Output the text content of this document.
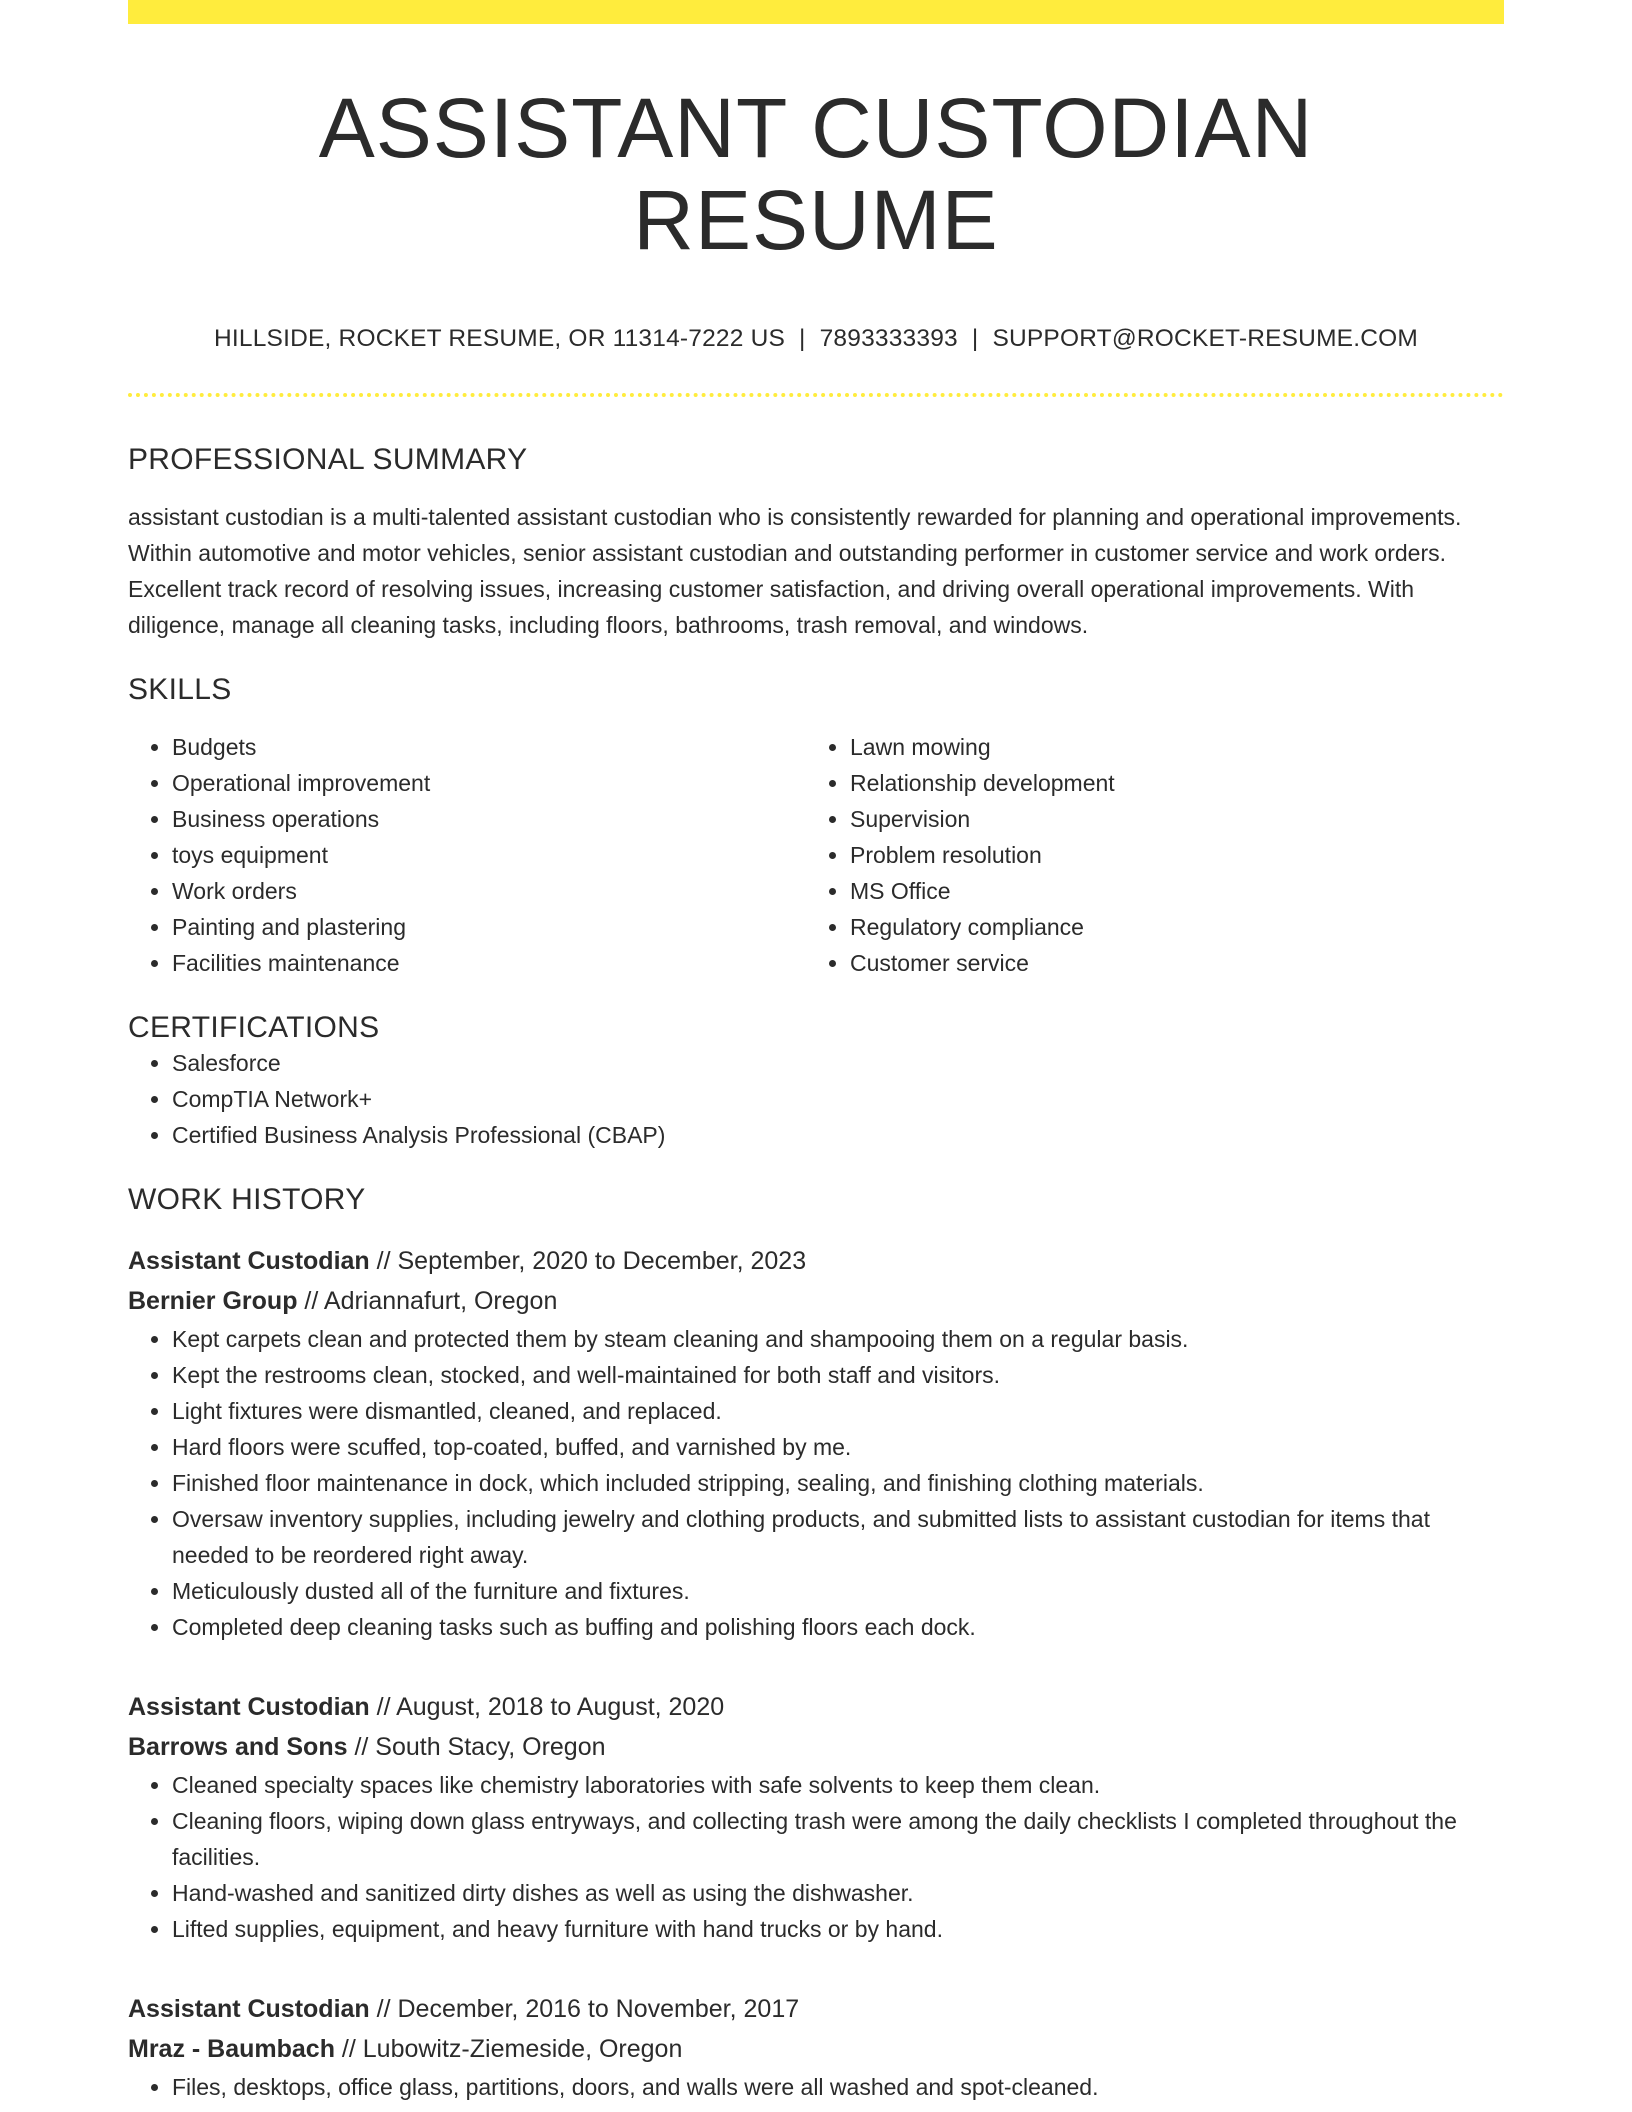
ASSISTANT CUSTODIAN RESUME
HILLSIDE, ROCKET RESUME, OR 11314-7222 US | 7893333393 | SUPPORT@ROCKET-RESUME.COM
PROFESSIONAL SUMMARY

assistant custodian is a multi-talented assistant custodian who is consistently rewarded for planning and operational improvements. Within automotive and motor vehicles, senior assistant custodian and outstanding performer in customer service and work orders. Excellent track record of resolving issues, increasing customer satisfaction, and driving overall operational improvements. With diligence, manage all cleaning tasks, including floors, bathrooms, trash removal, and windows.

SKILLS
• Budgets
• Operational improvement
• Business operations
• toys equipment
• Work orders
• Painting and plastering
• Facilities maintenance
• Lawn mowing
• Relationship development
• Supervision
• Problem resolution
• MS Office
• Regulatory compliance
• Customer service
CERTIFICATIONS
• Salesforce
• CompTIA Network+
• Certified Business Analysis Professional (CBAP)
WORK HISTORY
Assistant Custodian // September, 2020 to December, 2023
Bernier Group // Adriannafurt, Oregon
• Kept carpets clean and protected them by steam cleaning and shampooing them on a regular basis.
• Kept the restrooms clean, stocked, and well-maintained for both staff and visitors.
• Light fixtures were dismantled, cleaned, and replaced.
• Hard floors were scuffed, top-coated, buffed, and varnished by me.
• Finished floor maintenance in dock, which included stripping, sealing, and finishing clothing materials.
• Oversaw inventory supplies, including jewelry and clothing products, and submitted lists to assistant custodian for items that needed to be reordered right away.
• Meticulously dusted all of the furniture and fixtures.
• Completed deep cleaning tasks such as buffing and polishing floors each dock.
Assistant Custodian // August, 2018 to August, 2020
Barrows and Sons // South Stacy, Oregon
• Cleaned specialty spaces like chemistry laboratories with safe solvents to keep them clean.
• Cleaning floors, wiping down glass entryways, and collecting trash were among the daily checklists I completed throughout the facilities.
• Hand-washed and sanitized dirty dishes as well as using the dishwasher.
• Lifted supplies, equipment, and heavy furniture with hand trucks or by hand.
Assistant Custodian // December, 2016 to November, 2017
Mraz - Baumbach // Lubowitz-Ziemeside, Oregon
• Files, desktops, office glass, partitions, doors, and walls were all washed and spot-cleaned.
